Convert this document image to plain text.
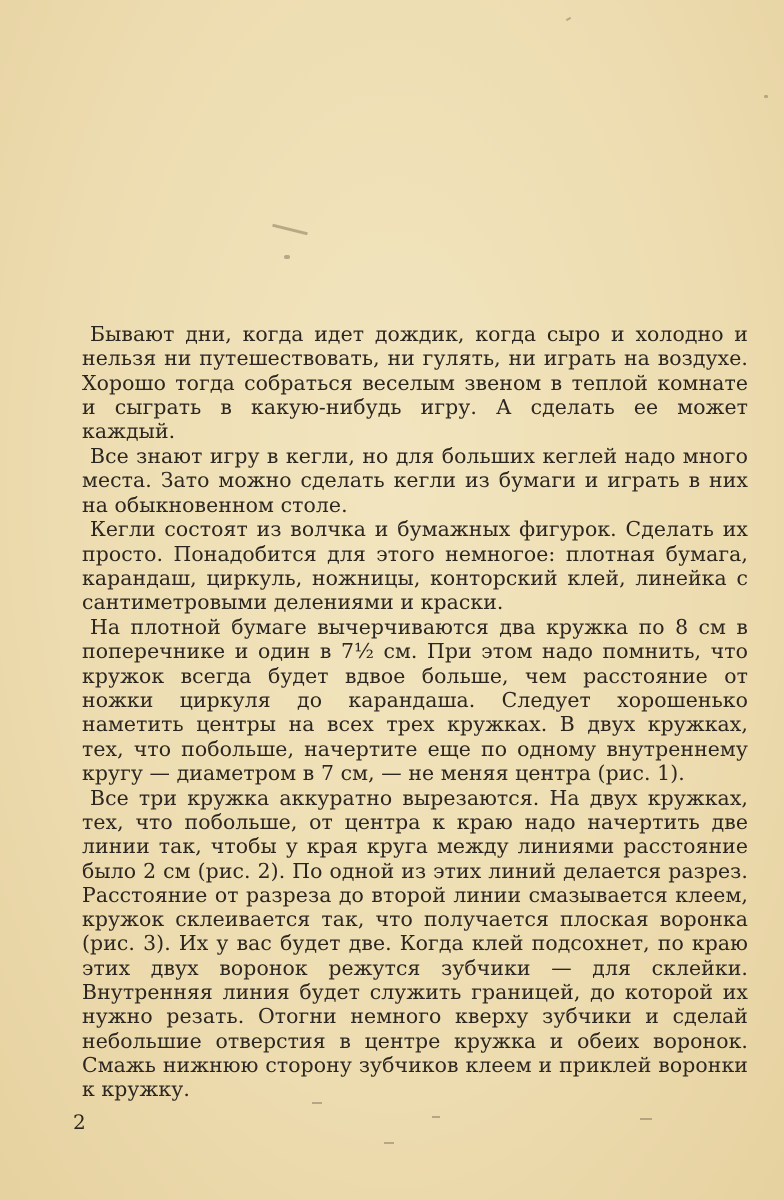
Бывают дни, когда идет дождик, когда сыро и холодно и нельзя ни путешествовать, ни гулять, ни играть на воздухе. Хорошо тогда собраться веселым звеном в теплой комнате и сыграть в какую-нибудь игру. А сделать ее может каждый.

Все знают игру в кегли, но для больших кеглей надо много места. Зато можно сделать кегли из бумаги и играть в них на обыкновенном столе.

Кегли состоят из волчка и бумажных фигурок. Сделать их просто. Понадобится для этого немногое: плотная бумага, карандаш, циркуль, ножницы, конторский клей, линейка с сантиметровыми делениями и краски.

На плотной бумаге вычерчиваются два кружка по 8 см в поперечнике и один в 7½ см. При этом надо помнить, что кружок всегда будет вдвое больше, чем расстояние от ножки циркуля до карандаша. Следует хорошенько наметить центры на всех трех кружках. В двух кружках, тех, что побольше, начертите еще по одному внутреннему кругу — диаметром в 7 см, — не меняя центра (рис. 1).

Все три кружка аккуратно вырезаются. На двух кружках, тех, что побольше, от центра к краю надо начертить две линии так, чтобы у края круга между линиями расстояние было 2 см (рис. 2). По одной из этих линий делается разрез. Расстояние от разреза до второй линии смазывается клеем, кружок склеивается так, что получается плоская воронка (рис. 3). Их у вас будет две. Когда клей подсохнет, по краю этих двух воронок режутся зубчики — для склейки. Внутренняя линия будет служить границей, до которой их нужно резать. Отогни немного кверху зубчики и сделай небольшие отверстия в центре кружка и обеих воронок. Смажь нижнюю сторону зубчиков клеем и приклей воронки к кружку.

2
